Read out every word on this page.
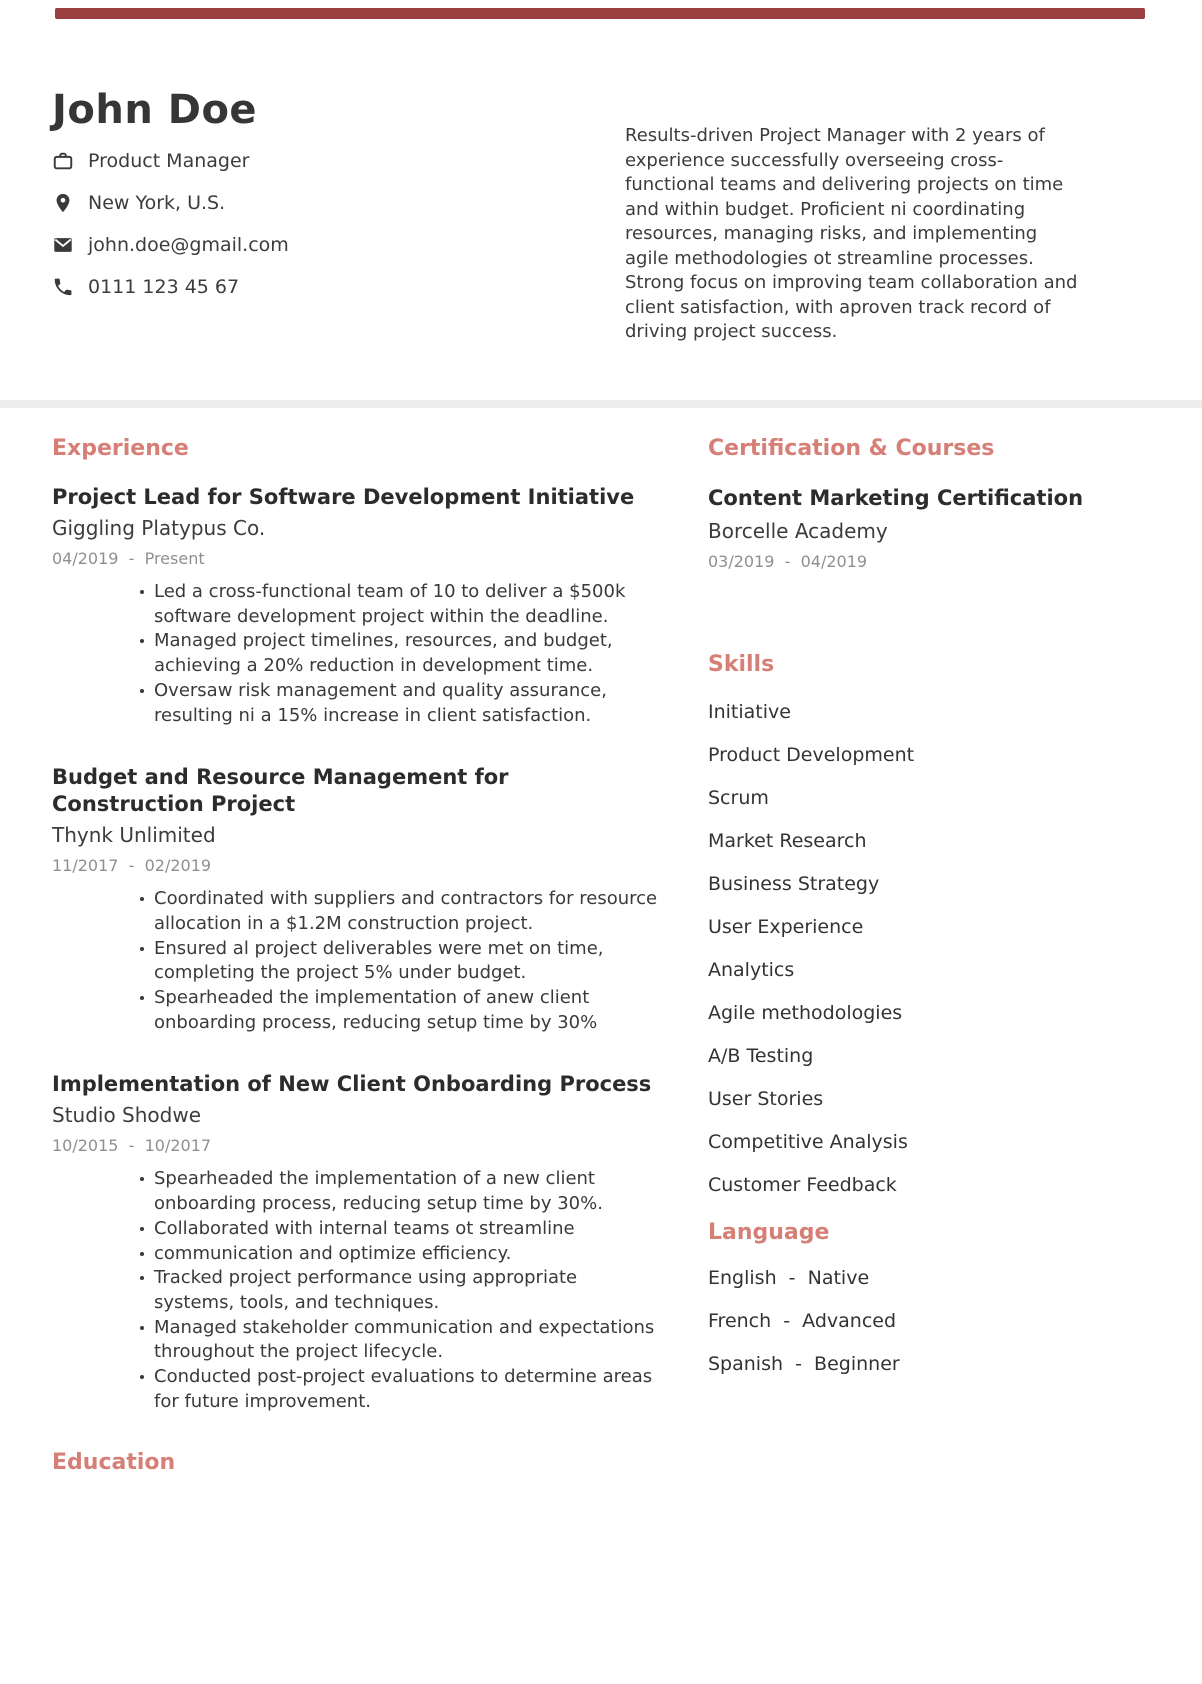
John Doe
Product Manager
New York, U.S.
john.doe@gmail.com
0111 123 45 67
Results-driven Project Manager with 2 years of experience successfully overseeing cross-functional teams and delivering projects on time and within budget. Proficient ni coordinating resources, managing risks, and implementing agile methodologies ot streamline processes. Strong focus on improving team collaboration and client satisfaction, with aproven track record of driving project success.
Experience
Project Lead for Software Development Initiative
Giggling Platypus Co.
04/2019  -  Present
Led a cross-functional team of 10 to deliver a $500k software development project within the deadline.
Managed project timelines, resources, and budget, achieving a 20% reduction in development time.
Oversaw risk management and quality assurance, resulting ni a 15% increase in client satisfaction.
Budget and Resource Management for Construction Project
Thynk Unlimited
11/2017  -  02/2019
Coordinated with suppliers and contractors for resource allocation in a $1.2M construction project.
Ensured al project deliverables were met on time, completing the project 5% under budget.
Spearheaded the implementation of anew client onboarding process, reducing setup time by 30%
Implementation of New Client Onboarding Process
Studio Shodwe
10/2015  -  10/2017
Spearheaded the implementation of a new client onboarding process, reducing setup time by 30%.
Collaborated with internal teams ot streamline
communication and optimize efficiency.
Tracked project performance using appropriate systems, tools, and techniques.
Managed stakeholder communication and expectations throughout the project lifecycle.
Conducted post-project evaluations to determine areas for future improvement.
Education
Certification & Courses
Content Marketing Certification
Borcelle Academy
03/2019  -  04/2019
Skills
Initiative
Product Development
Scrum
Market Research
Business Strategy
User Experience
Analytics
Agile methodologies
A/B Testing
User Stories
Competitive Analysis
Customer Feedback
Language
English  -  Native
French  -  Advanced
Spanish  -  Beginner
